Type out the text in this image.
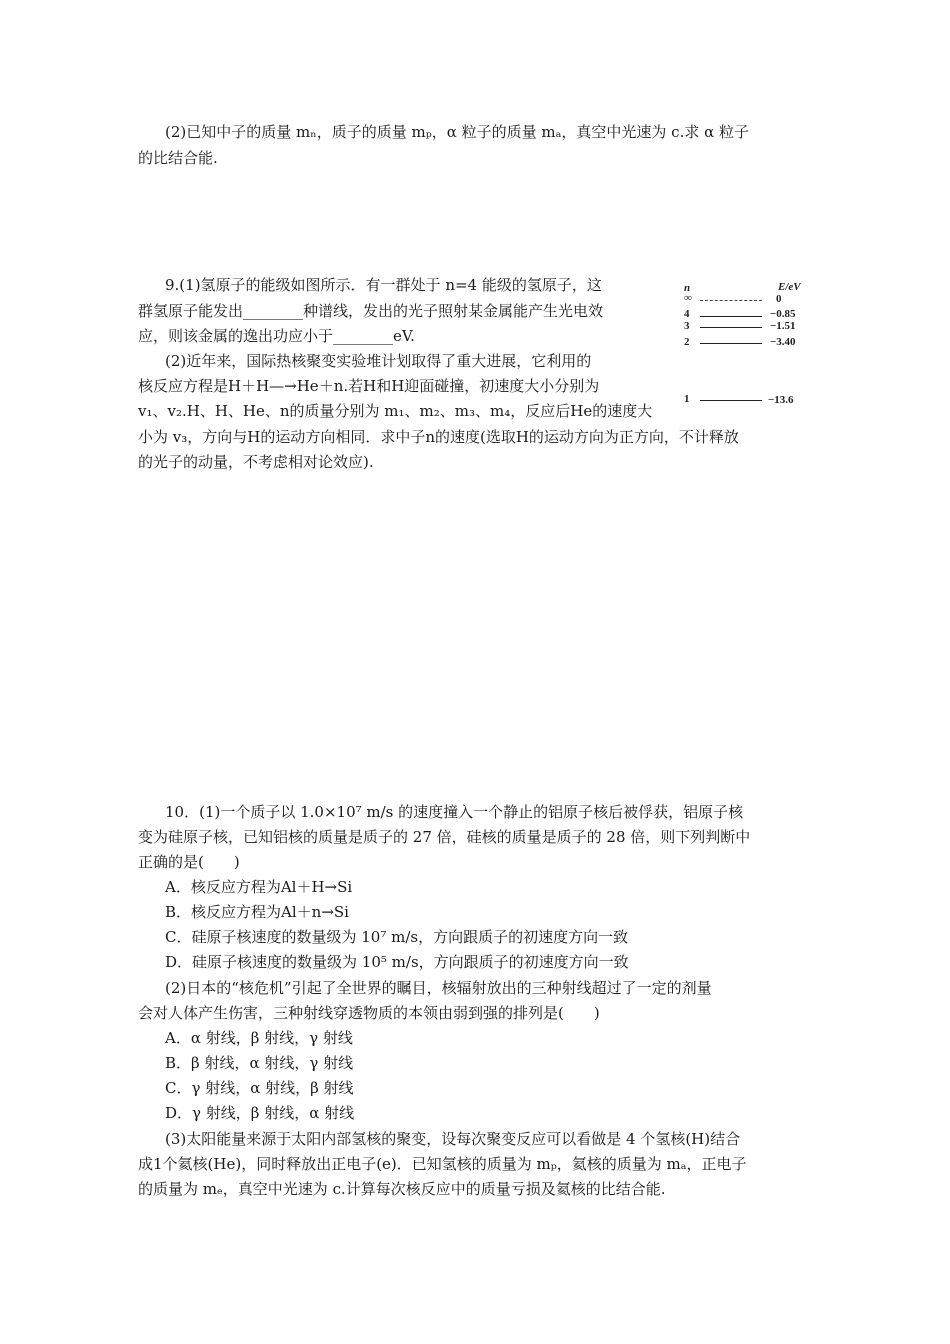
(2)已知中子的质量 mₙ，质子的质量 mₚ，α 粒子的质量 mₐ，真空中光速为 c.求 α 粒子

的比结合能.

9.(1)氢原子的能级如图所示．有一群处于 n=4 能级的氢原子，这

群氢原子能发出________种谱线，发出的光子照射某金属能产生光电效

应，则该金属的逸出功应小于________eV.

(2)近年来，国际热核聚变实验堆计划取得了重大进展，它利用的

核反应方程是H＋H—→He＋n.若H和H迎面碰撞，初速度大小分别为

v₁、v₂.H、H、He、n的质量分别为 m₁、m₂、m₃、m₄，反应后He的速度大

小为 v₃，方向与H的运动方向相同．求中子n的速度(选取H的运动方向为正方向，不计释放

的光子的动量，不考虑相对论效应).

n	E/eV
∞	0
4	−0.85
3	−1.51
2	−3.40
1	−13.6

10．(1)一个质子以 1.0×10⁷ m/s 的速度撞入一个静止的铝原子核后被俘获，铝原子核

变为硅原子核，已知铝核的质量是质子的 27 倍，硅核的质量是质子的 28 倍，则下列判断中

正确的是(　　)

A．核反应方程为Al＋H→Si

B．核反应方程为Al＋n→Si

C．硅原子核速度的数量级为 10⁷ m/s，方向跟质子的初速度方向一致

D．硅原子核速度的数量级为 10⁵ m/s，方向跟质子的初速度方向一致

(2)日本的“核危机”引起了全世界的瞩目，核辐射放出的三种射线超过了一定的剂量

会对人体产生伤害，三种射线穿透物质的本领由弱到强的排列是(　　)

A．α 射线，β 射线，γ 射线

B．β 射线，α 射线，γ 射线

C．γ 射线，α 射线，β 射线

D．γ 射线，β 射线，α 射线

(3)太阳能量来源于太阳内部氢核的聚变，设每次聚变反应可以看做是 4 个氢核(H)结合

成1个氦核(He)，同时释放出正电子(e)．已知氢核的质量为 mₚ，氦核的质量为 mₐ，正电子

的质量为 mₑ，真空中光速为 c.计算每次核反应中的质量亏损及氦核的比结合能.
